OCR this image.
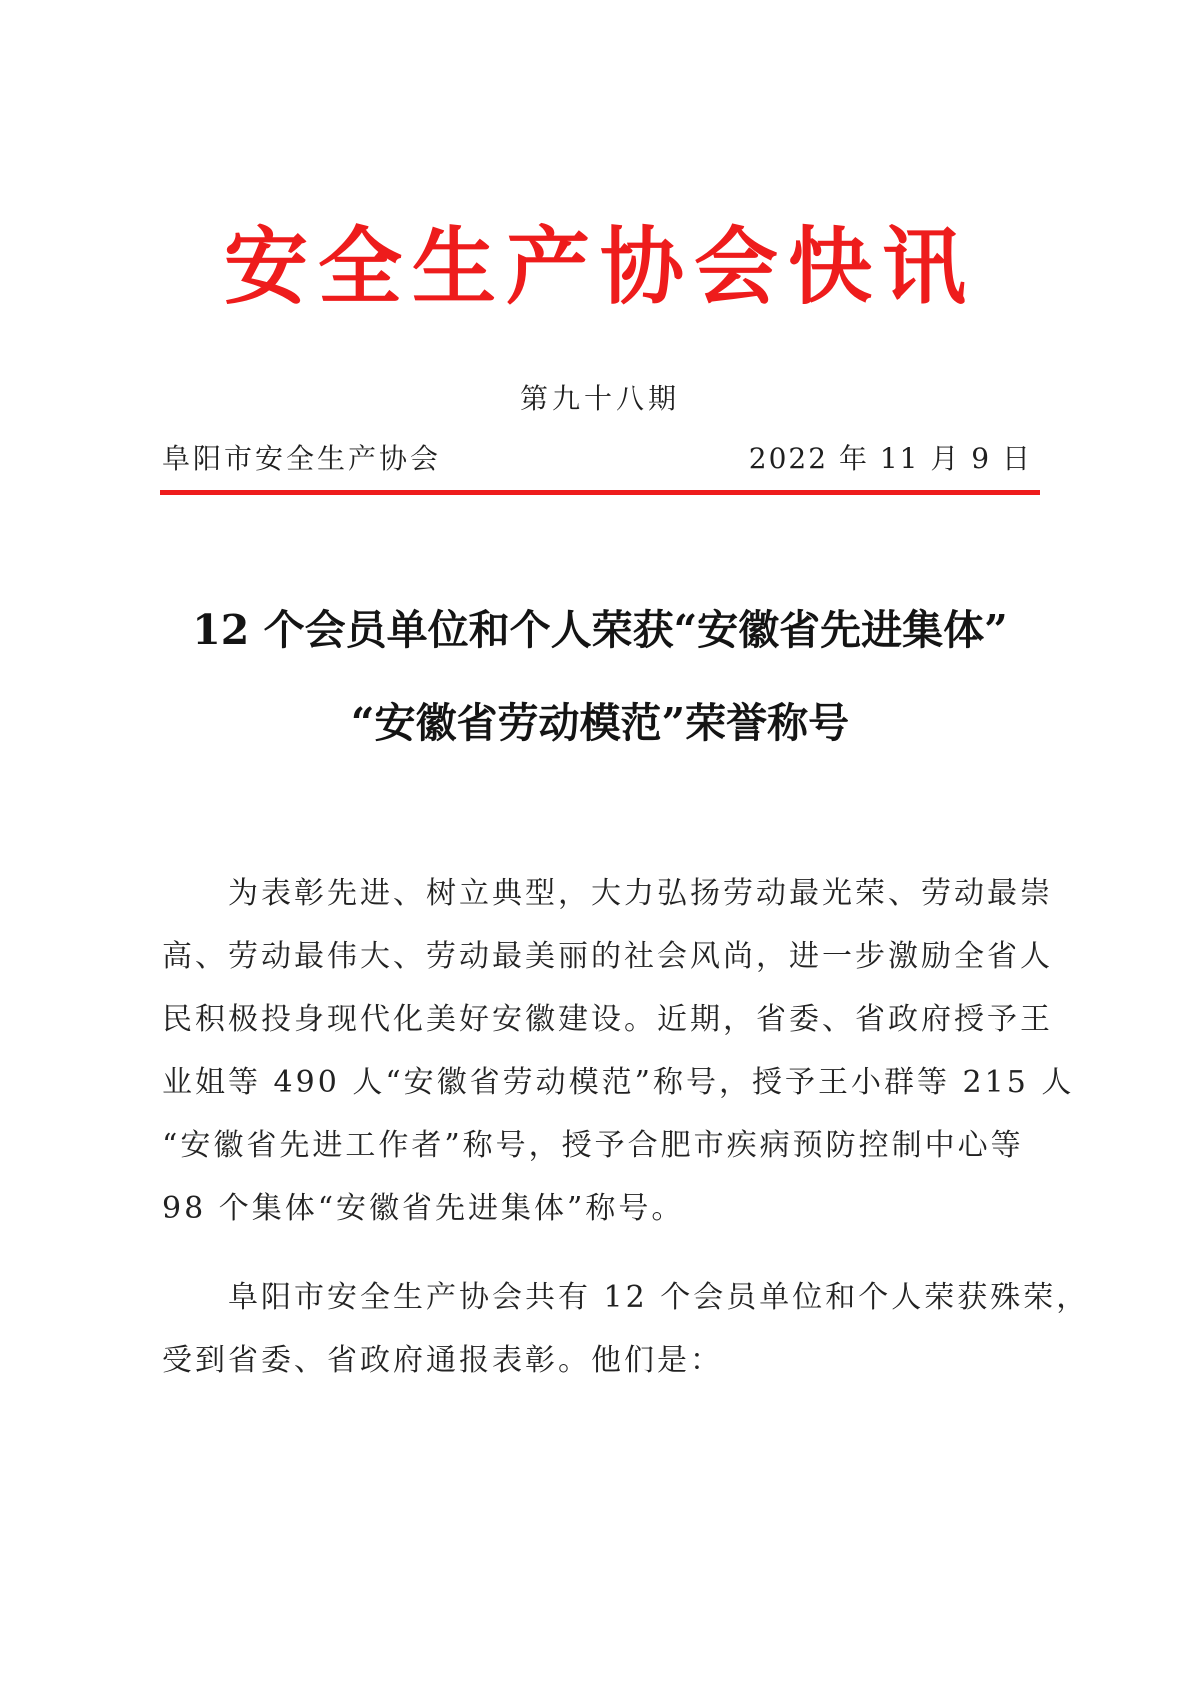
安全生产协会快讯
第九十八期
阜阳市安全生产协会	2022 年 11 月 9 日
12 个会员单位和个人荣获“安徽省先进集体”
“安徽省劳动模范”荣誉称号
为表彰先进、树立典型，大力弘扬劳动最光荣、劳动最崇
高、劳动最伟大、劳动最美丽的社会风尚，进一步激励全省人
民积极投身现代化美好安徽建设。近期，省委、省政府授予王
业姐等 490 人“安徽省劳动模范”称号，授予王小群等 215 人
“安徽省先进工作者”称号，授予合肥市疾病预防控制中心等
98 个集体“安徽省先进集体”称号。
阜阳市安全生产协会共有 12 个会员单位和个人荣获殊荣，
受到省委、省政府通报表彰。他们是：
